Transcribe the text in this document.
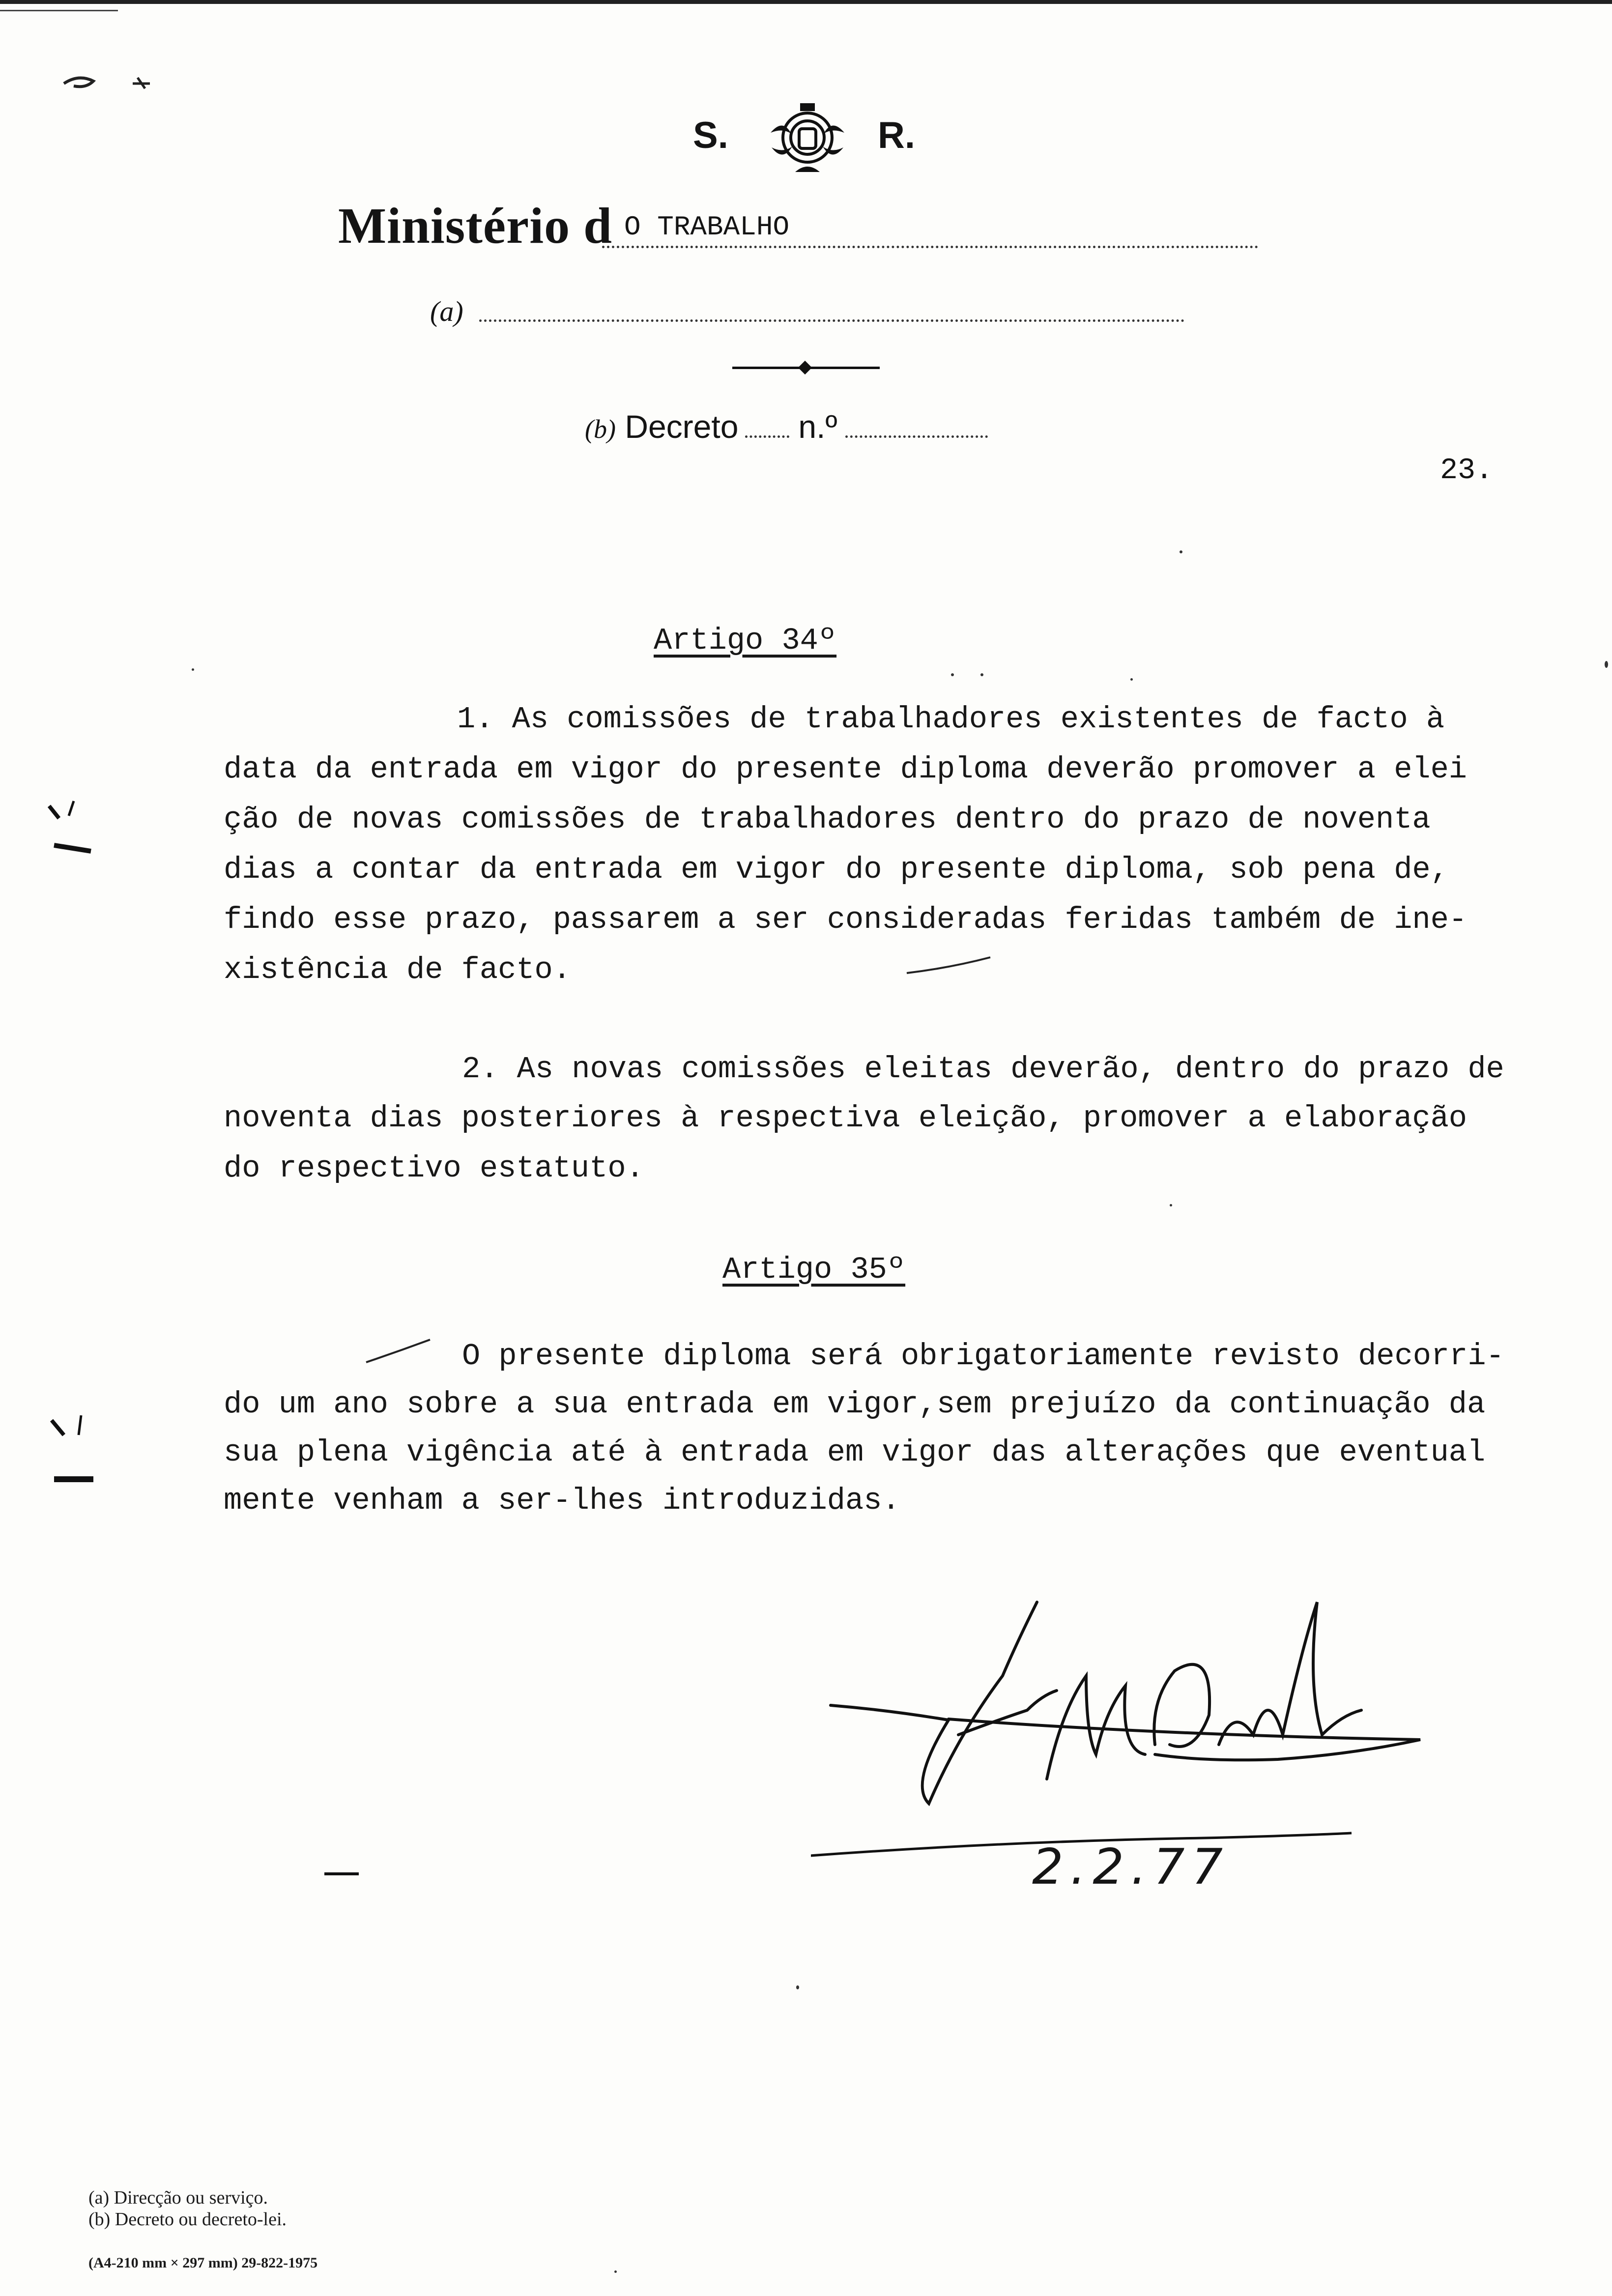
S.	R.
Ministério d O TRABALHO
(a)
(b) Decreto n.º
23.
Artigo 34º
1. As comissões de trabalhadores existentes de facto à
data da entrada em vigor do presente diploma deverão promover a elei
ção de novas comissões de trabalhadores dentro do prazo de noventa
dias a contar da entrada em vigor do presente diploma, sob pena de,
findo esse prazo, passarem a ser consideradas feridas também de ine-
xistência de facto.
2. As novas comissões eleitas deverão, dentro do prazo de
noventa dias posteriores à respectiva eleição, promover a elaboração
do respectivo estatuto.
Artigo 35º
O presente diploma será obrigatoriamente revisto decorri-
do um ano sobre a sua entrada em vigor,sem prejuízo da continuação da
sua plena vigência até à entrada em vigor das alterações que eventual
mente venham a ser-lhes introduzidas.
2.2.77
(a) Direcção ou serviço.
(b) Decreto ou decreto-lei.
(A4-210 mm × 297 mm) 29-822-1975
